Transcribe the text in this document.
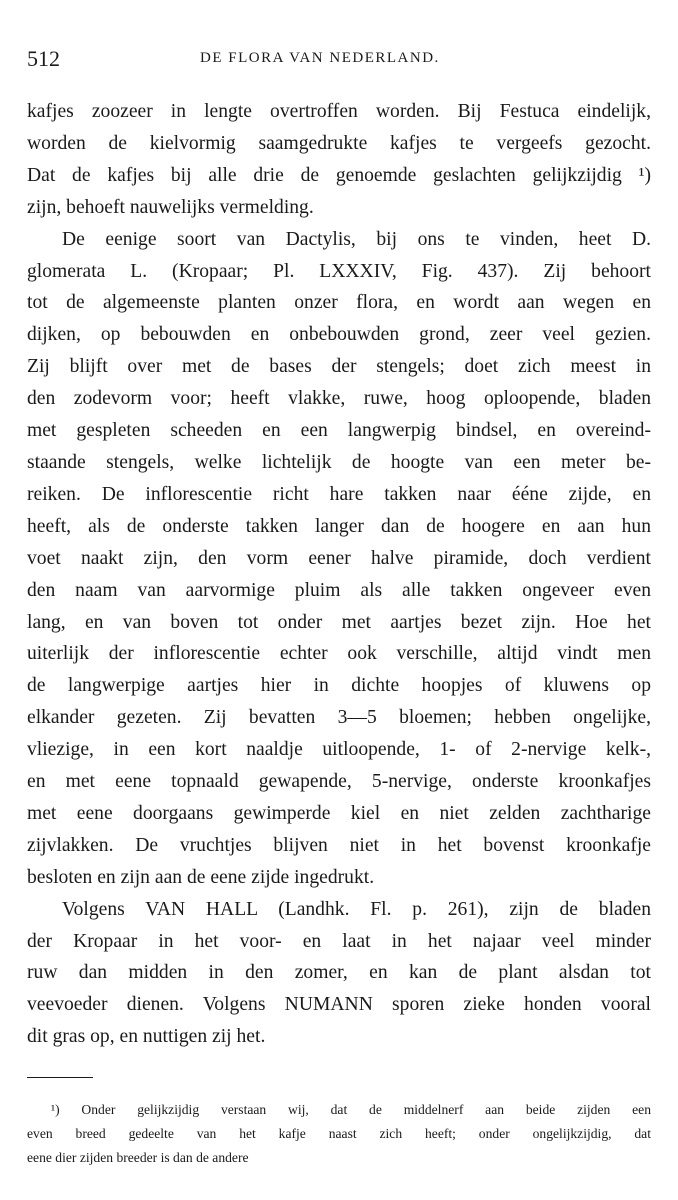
512	DE FLORA VAN NEDERLAND.
kafjes zoozeer in lengte overtroffen worden. Bij Festuca eindelijk,
worden de kielvormig saamgedrukte kafjes te vergeefs gezocht.
Dat de kafjes bij alle drie de genoemde geslachten gelijkzijdig ¹)
zijn, behoeft nauwelijks vermelding.
De eenige soort van Dactylis, bij ons te vinden, heet D.
glomerata L. (Kropaar; Pl. LXXXIV, Fig. 437). Zij behoort
tot de algemeenste planten onzer flora, en wordt aan wegen en
dijken, op bebouwden en onbebouwden grond, zeer veel gezien.
Zij blijft over met de bases der stengels; doet zich meest in
den zodevorm voor; heeft vlakke, ruwe, hoog oploopende, bladen
met gespleten scheeden en een langwerpig bindsel, en overeind-
staande stengels, welke lichtelijk de hoogte van een meter be-
reiken. De inflorescentie richt hare takken naar ééne zijde, en
heeft, als de onderste takken langer dan de hoogere en aan hun
voet naakt zijn, den vorm eener halve piramide, doch verdient
den naam van aarvormige pluim als alle takken ongeveer even
lang, en van boven tot onder met aartjes bezet zijn. Hoe het
uiterlijk der inflorescentie echter ook verschille, altijd vindt men
de langwerpige aartjes hier in dichte hoopjes of kluwens op
elkander gezeten. Zij bevatten 3—5 bloemen; hebben ongelijke,
vliezige, in een kort naaldje uitloopende, 1- of 2-nervige kelk-,
en met eene topnaald gewapende, 5-nervige, onderste kroonkafjes
met eene doorgaans gewimperde kiel en niet zelden zachtharige
zijvlakken. De vruchtjes blijven niet in het bovenst kroonkafje
besloten en zijn aan de eene zijde ingedrukt.
Volgens VAN HALL (Landhk. Fl. p. 261), zijn de bladen
der Kropaar in het voor- en laat in het najaar veel minder
ruw dan midden in den zomer, en kan de plant alsdan tot
veevoeder dienen. Volgens NUMANN sporen zieke honden vooral
dit gras op, en nuttigen zij het.
¹) Onder gelijkzijdig verstaan wij, dat de middelnerf aan beide zijden een
even breed gedeelte van het kafje naast zich heeft; onder ongelijkzijdig, dat
eene dier zijden breeder is dan de andere
